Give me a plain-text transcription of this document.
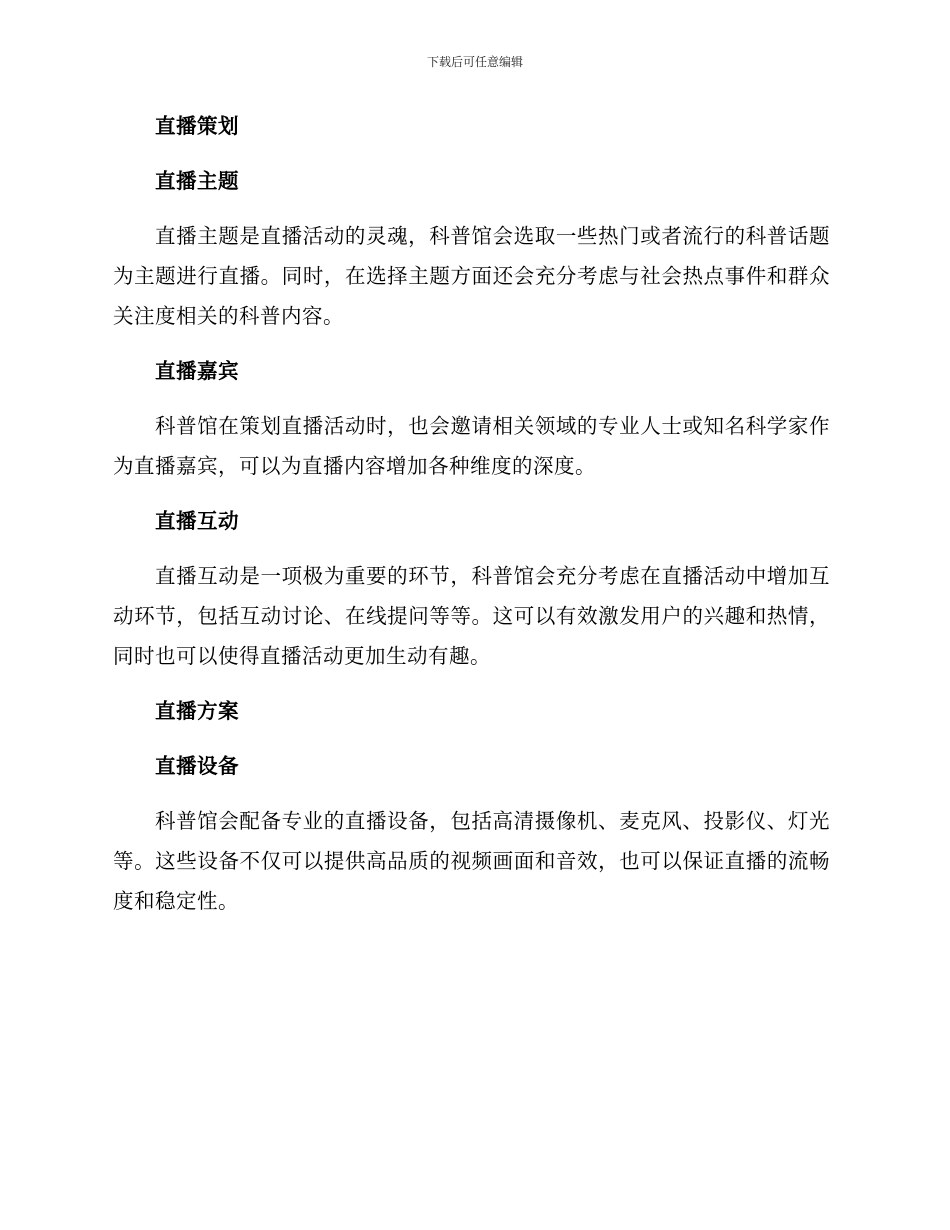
下载后可任意编辑
直播策划
直播主题
直播主题是直播活动的灵魂，科普馆会选取一些热门或者流行的科普话题为主题进行直播。同时，在选择主题方面还会充分考虑与社会热点事件和群众关注度相关的科普内容。
直播嘉宾
科普馆在策划直播活动时，也会邀请相关领域的专业人士或知名科学家作为直播嘉宾，可以为直播内容增加各种维度的深度。
直播互动
直播互动是一项极为重要的环节，科普馆会充分考虑在直播活动中增加互动环节，包括互动讨论、在线提问等等。这可以有效激发用户的兴趣和热情，同时也可以使得直播活动更加生动有趣。
直播方案
直播设备
科普馆会配备专业的直播设备，包括高清摄像机、麦克风、投影仪、灯光等。这些设备不仅可以提供高品质的视频画面和音效，也可以保证直播的流畅度和稳定性。
